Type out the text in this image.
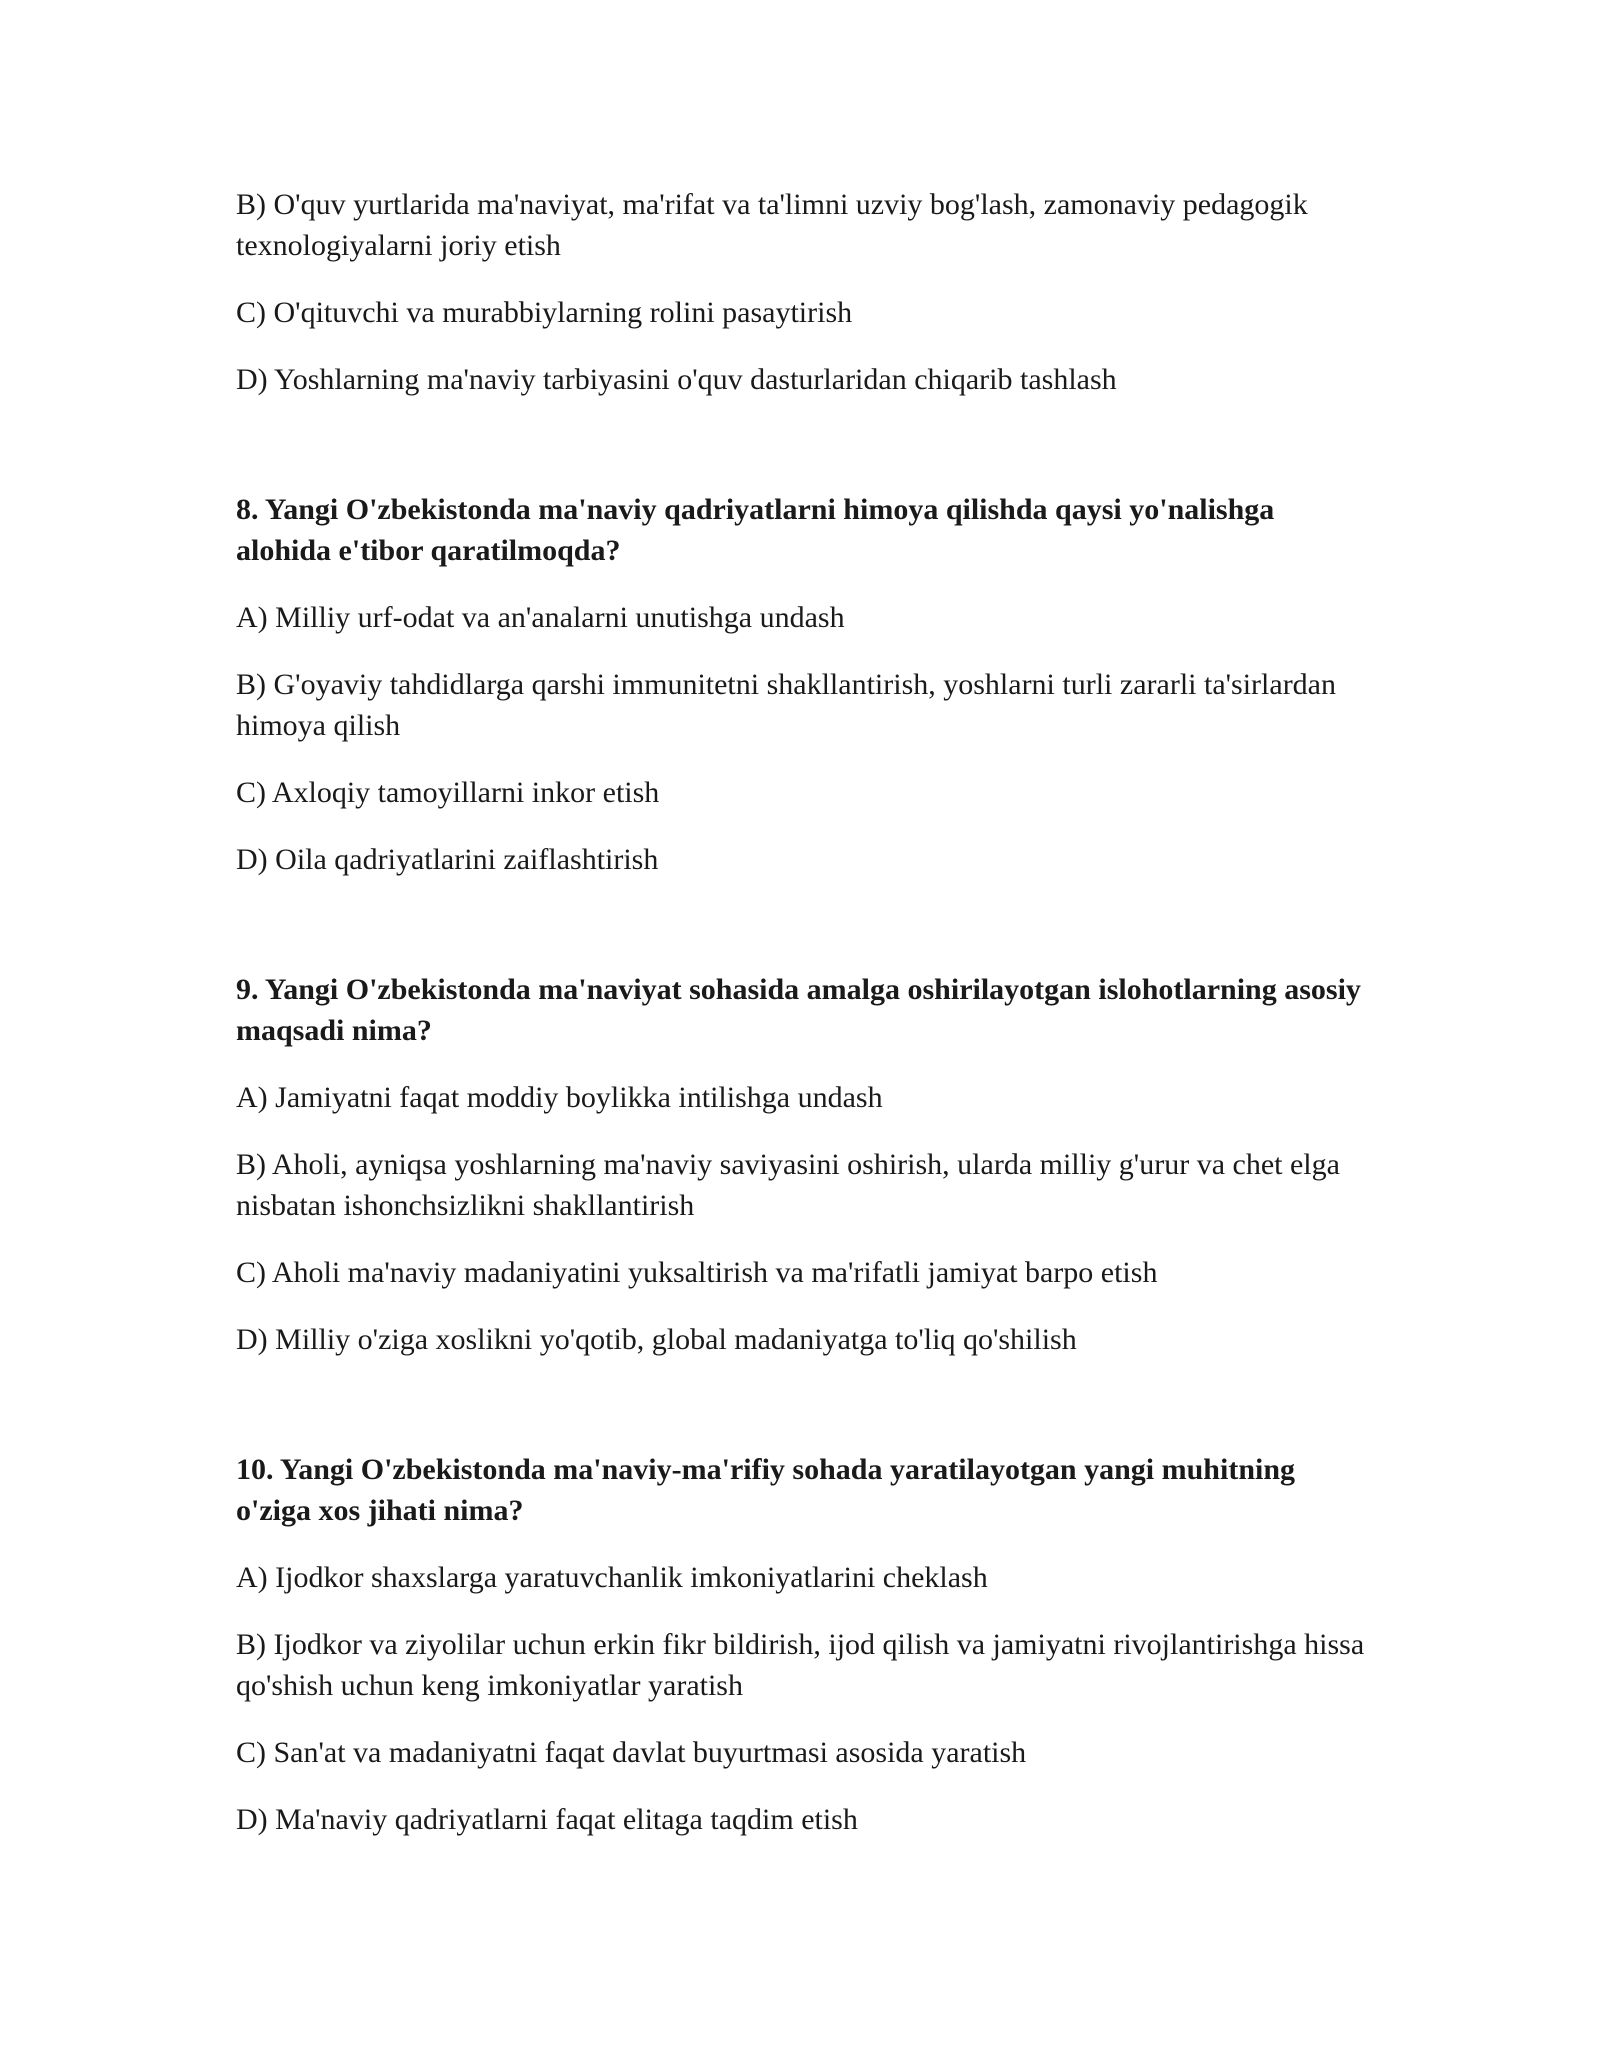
B) O'quv yurtlarida ma'naviyat, ma'rifat va ta'limni uzviy bog'lash, zamonaviy pedagogik texnologiyalarni joriy etish

C) O'qituvchi va murabbiylarning rolini pasaytirish

D) Yoshlarning ma'naviy tarbiyasini o'quv dasturlaridan chiqarib tashlash

8. Yangi O'zbekistonda ma'naviy qadriyatlarni himoya qilishda qaysi yo'nalishga alohida e'tibor qaratilmoqda?

A) Milliy urf-odat va an'analarni unutishga undash

B) G'oyaviy tahdidlarga qarshi immunitetni shakllantirish, yoshlarni turli zararli ta'sirlardan himoya qilish

C) Axloqiy tamoyillarni inkor etish

D) Oila qadriyatlarini zaiflashtirish

9. Yangi O'zbekistonda ma'naviyat sohasida amalga oshirilayotgan islohotlarning asosiy maqsadi nima?

A) Jamiyatni faqat moddiy boylikka intilishga undash

B) Aholi, ayniqsa yoshlarning ma'naviy saviyasini oshirish, ularda milliy g'urur va chet elga nisbatan ishonchsizlikni shakllantirish

C) Aholi ma'naviy madaniyatini yuksaltirish va ma'rifatli jamiyat barpo etish

D) Milliy o'ziga xoslikni yo'qotib, global madaniyatga to'liq qo'shilish

10. Yangi O'zbekistonda ma'naviy-ma'rifiy sohada yaratilayotgan yangi muhitning o'ziga xos jihati nima?

A) Ijodkor shaxslarga yaratuvchanlik imkoniyatlarini cheklash

B) Ijodkor va ziyolilar uchun erkin fikr bildirish, ijod qilish va jamiyatni rivojlantirishga hissa qo'shish uchun keng imkoniyatlar yaratish

C) San'at va madaniyatni faqat davlat buyurtmasi asosida yaratish

D) Ma'naviy qadriyatlarni faqat elitaga taqdim etish
